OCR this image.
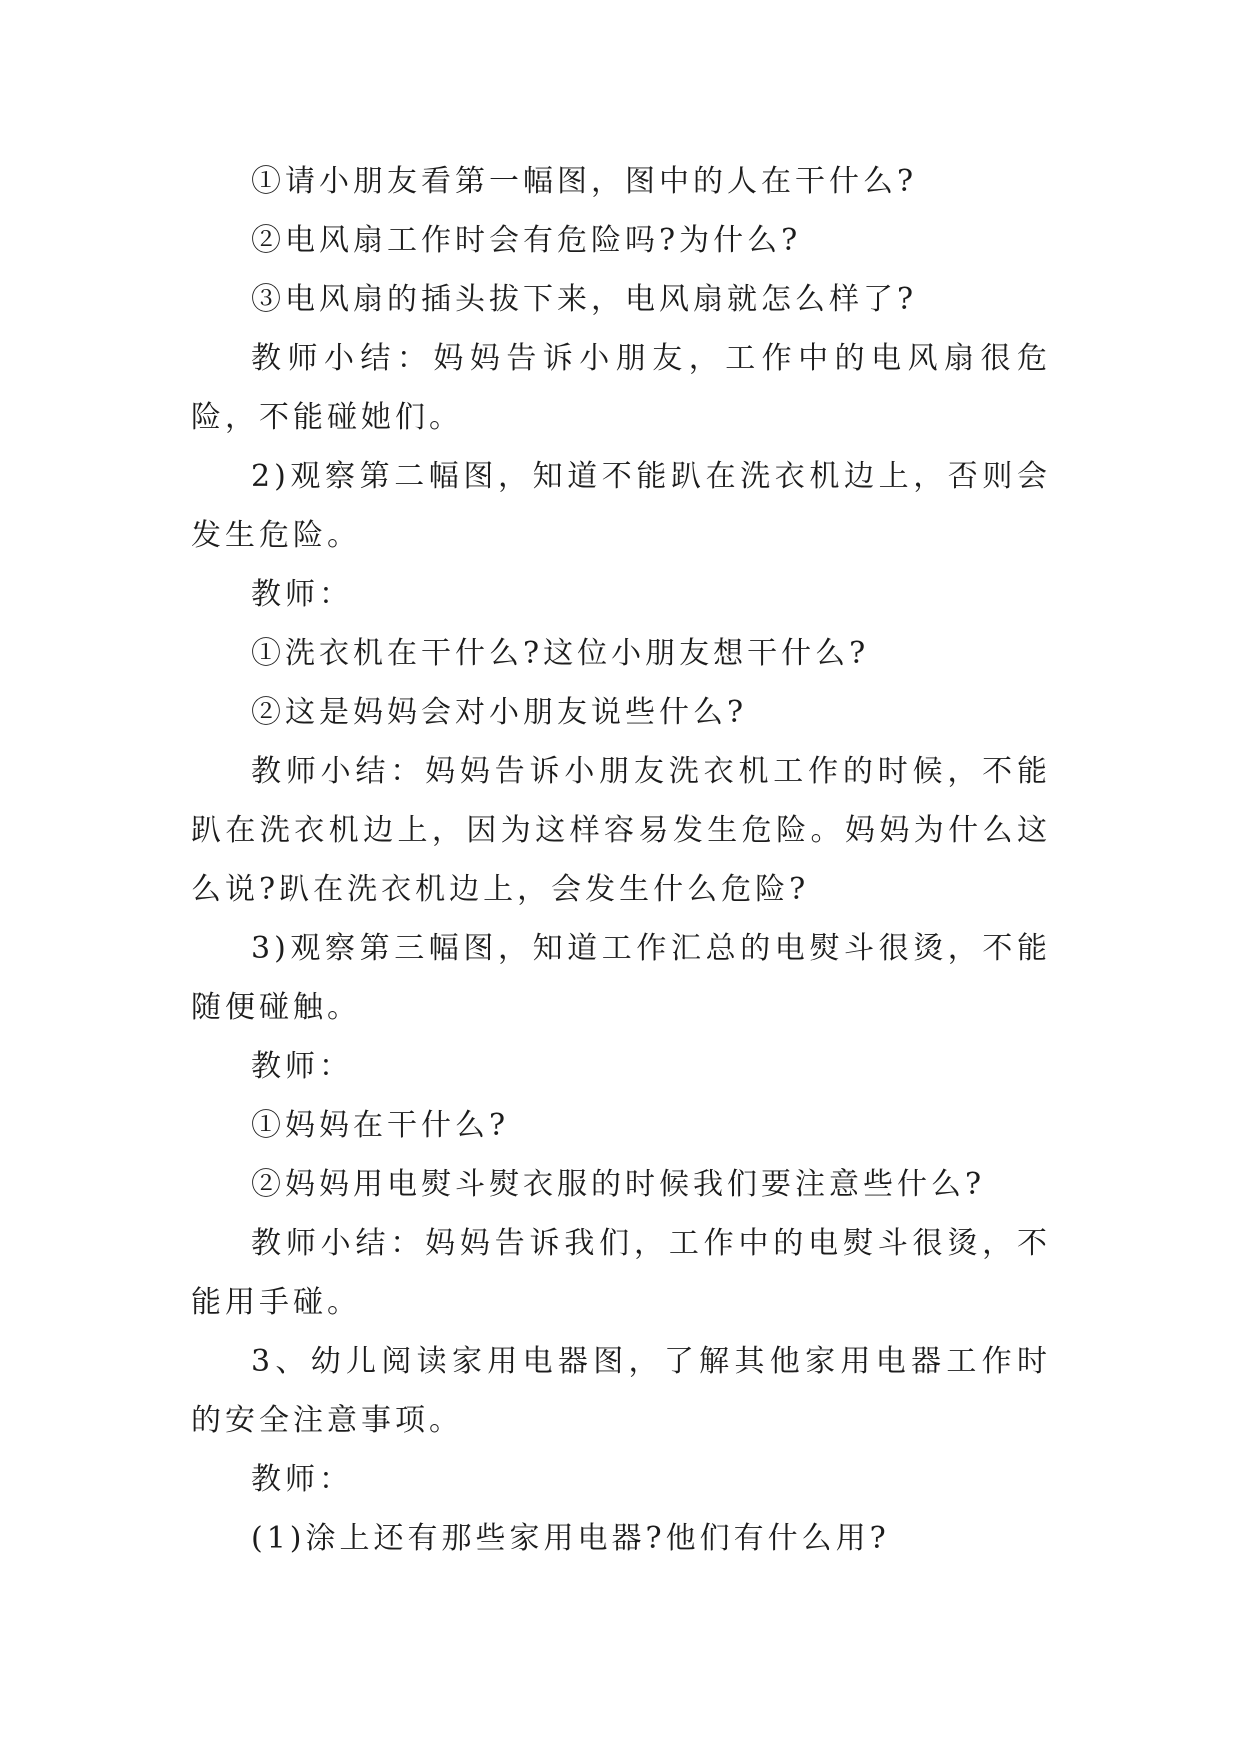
①请小朋友看第一幅图，图中的人在干什么?

②电风扇工作时会有危险吗?为什么?

③电风扇的插头拔下来，电风扇就怎么样了?

教师小结：妈妈告诉小朋友，工作中的电风扇很危险，不能碰她们。

2)观察第二幅图，知道不能趴在洗衣机边上，否则会发生危险。

教师：

①洗衣机在干什么?这位小朋友想干什么?

②这是妈妈会对小朋友说些什么?

教师小结：妈妈告诉小朋友洗衣机工作的时候，不能趴在洗衣机边上，因为这样容易发生危险。妈妈为什么这么说?趴在洗衣机边上，会发生什么危险?

3)观察第三幅图，知道工作汇总的电熨斗很烫，不能随便碰触。

教师：

①妈妈在干什么?

②妈妈用电熨斗熨衣服的时候我们要注意些什么?

教师小结：妈妈告诉我们，工作中的电熨斗很烫，不能用手碰。

3、幼儿阅读家用电器图，了解其他家用电器工作时的安全注意事项。

教师：

(1)涂上还有那些家用电器?他们有什么用?
